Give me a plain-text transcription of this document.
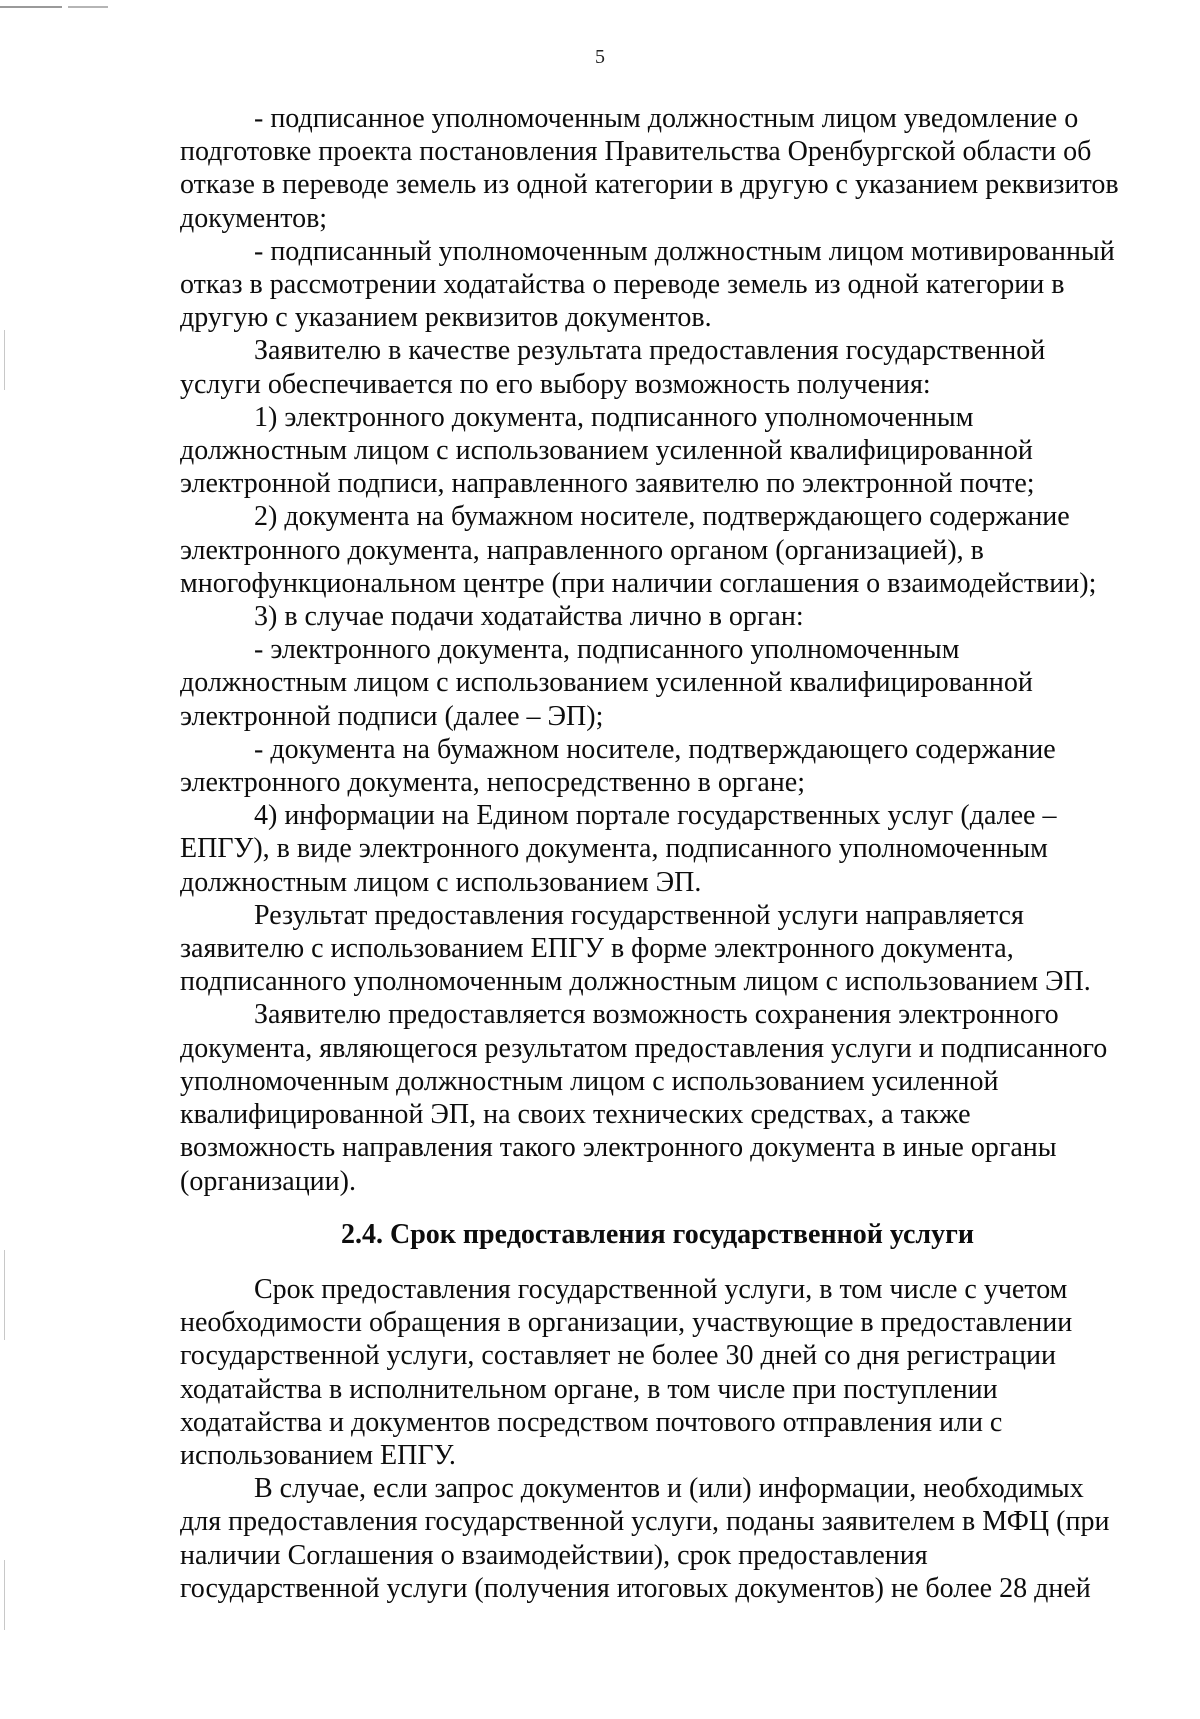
5

- подписанное уполномоченным должностным лицом уведомление о
подготовке проекта постановления Правительства Оренбургской области об
отказе в переводе земель из одной категории в другую с указанием реквизитов
документов;

- подписанный уполномоченным должностным лицом мотивированный
отказ в рассмотрении ходатайства о переводе земель из одной категории в
другую с указанием реквизитов документов.

Заявителю в качестве результата предоставления государственной
услуги обеспечивается по его выбору возможность получения:

1) электронного документа, подписанного уполномоченным
должностным лицом с использованием усиленной квалифицированной
электронной подписи, направленного заявителю по электронной почте;

2) документа на бумажном носителе, подтверждающего содержание
электронного документа, направленного органом (организацией), в
многофункциональном центре (при наличии соглашения о взаимодействии);

3) в случае подачи ходатайства лично в орган:

- электронного документа, подписанного уполномоченным
должностным лицом с использованием усиленной квалифицированной
электронной подписи (далее – ЭП);

- документа на бумажном носителе, подтверждающего содержание
электронного документа, непосредственно в органе;

4) информации на Едином портале государственных услуг (далее –
ЕПГУ), в виде электронного документа, подписанного уполномоченным
должностным лицом с использованием ЭП.

Результат предоставления государственной услуги направляется
заявителю с использованием ЕПГУ в форме электронного документа,
подписанного уполномоченным должностным лицом с использованием ЭП.

Заявителю предоставляется возможность сохранения электронного
документа, являющегося результатом предоставления услуги и подписанного
уполномоченным должностным лицом с использованием усиленной
квалифицированной ЭП, на своих технических средствах, а также
возможность направления такого электронного документа в иные органы
(организации).

2.4. Срок предоставления государственной услуги

Срок предоставления государственной услуги, в том числе с учетом
необходимости обращения в организации, участвующие в предоставлении
государственной услуги, составляет не более 30 дней со дня регистрации
ходатайства в исполнительном органе, в том числе при поступлении
ходатайства и документов посредством почтового отправления или с
использованием ЕПГУ.

В случае, если запрос документов и (или) информации, необходимых
для предоставления государственной услуги, поданы заявителем в МФЦ (при
наличии Соглашения о взаимодействии), срок предоставления
государственной услуги (получения итоговых документов) не более 28 дней
